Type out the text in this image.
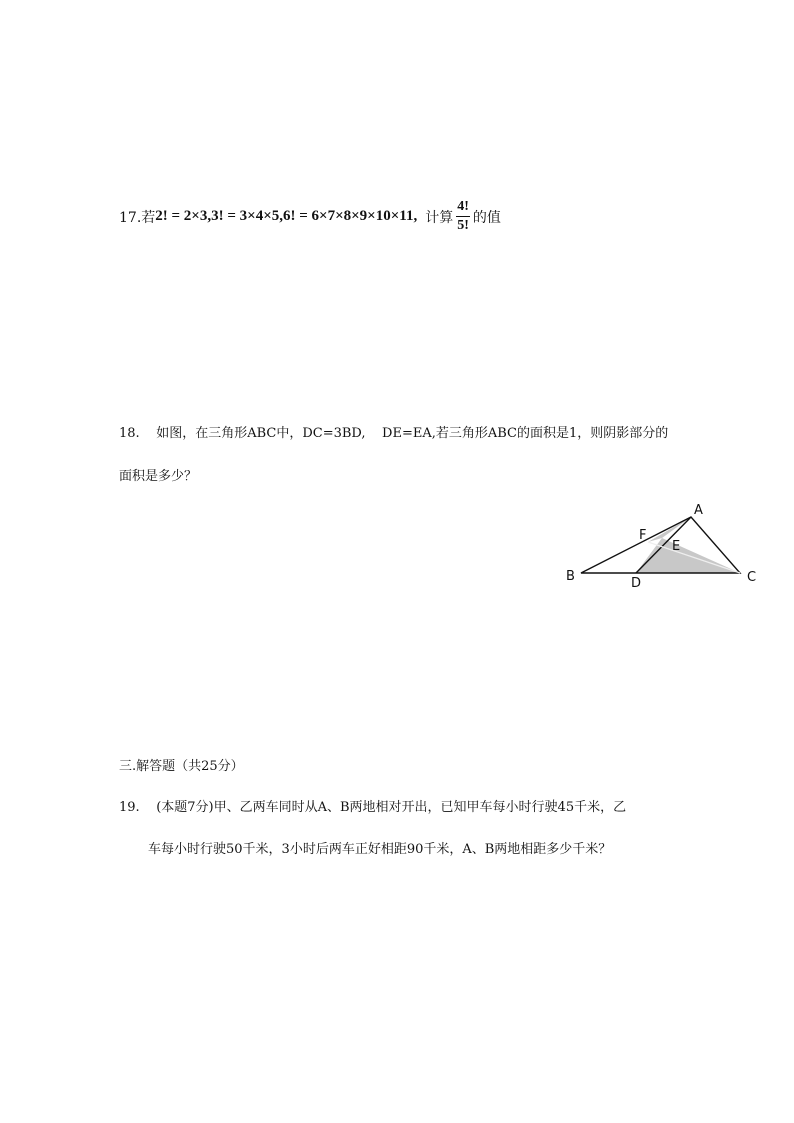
17.若 2! = 2×3,3! = 3×4×5,6! = 6×7×8×9×10×11, 计算 $\frac{4!}{5!}$ 的值
18.    如图，在三角形ABC中，DC=3BD,    DE=EA,若三角形ABC的面积是1，则阴影部分的
面积是多少？
A
B	C
D
E
F
三.解答题（共25分）
19.    (本题7分)甲、乙两车同时从A、B两地相对开出，已知甲车每小时行驶45千米，乙
车每小时行驶50千米，3小时后两车正好相距90千米，A、B两地相距多少千米？
